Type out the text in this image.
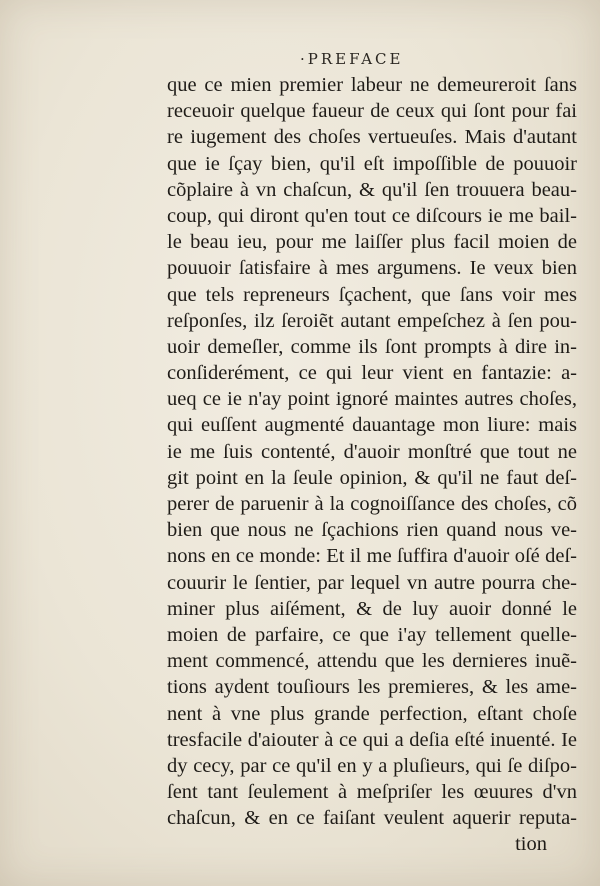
·PREFACE
que ce mien premier labeur ne demeureroit ſans
receuoir quelque faueur de ceux qui ſont pour fai
re iugement des choſes vertueuſes. Mais d'autant
que ie ſçay bien, qu'il eſt impoſſible de pouuoir
cõplaire à vn chaſcun, & qu'il ſen trouuera beau-
coup, qui diront qu'en tout ce diſcours ie me bail-
le beau ieu, pour me laiſſer plus facil moien de
pouuoir ſatisfaire à mes argumens. Ie veux bien
que tels repreneurs ſçachent, que ſans voir mes
reſponſes, ilz ſeroiẽt autant empeſchez à ſen pou-
uoir demeſler, comme ils ſont prompts à dire in-
conſiderément, ce qui leur vient en fantazie: a-
ueq ce ie n'ay point ignoré maintes autres choſes,
qui euſſent augmenté dauantage mon liure: mais
ie me ſuis contenté, d'auoir monſtré que tout ne
git point en la ſeule opinion, & qu'il ne faut deſ-
perer de paruenir à la cognoiſſance des choſes, cõ
bien que nous ne ſçachions rien quand nous ve-
nons en ce monde: Et il me ſuffira d'auoir oſé deſ-
couurir le ſentier, par lequel vn autre pourra che-
miner plus aiſément, & de luy auoir donné le
moien de parfaire, ce que i'ay tellement quelle-
ment commencé, attendu que les dernieres inuẽ-
tions aydent touſiours les premieres, & les ame-
nent à vne plus grande perfection, eſtant choſe
tresfacile d'aiouter à ce qui a deſia eſté inuenté. Ie
dy cecy, par ce qu'il en y a pluſieurs, qui ſe diſpo-
ſent tant ſeulement à meſpriſer les œuures d'vn
chaſcun, & en ce faiſant veulent aquerir reputa-
tion
